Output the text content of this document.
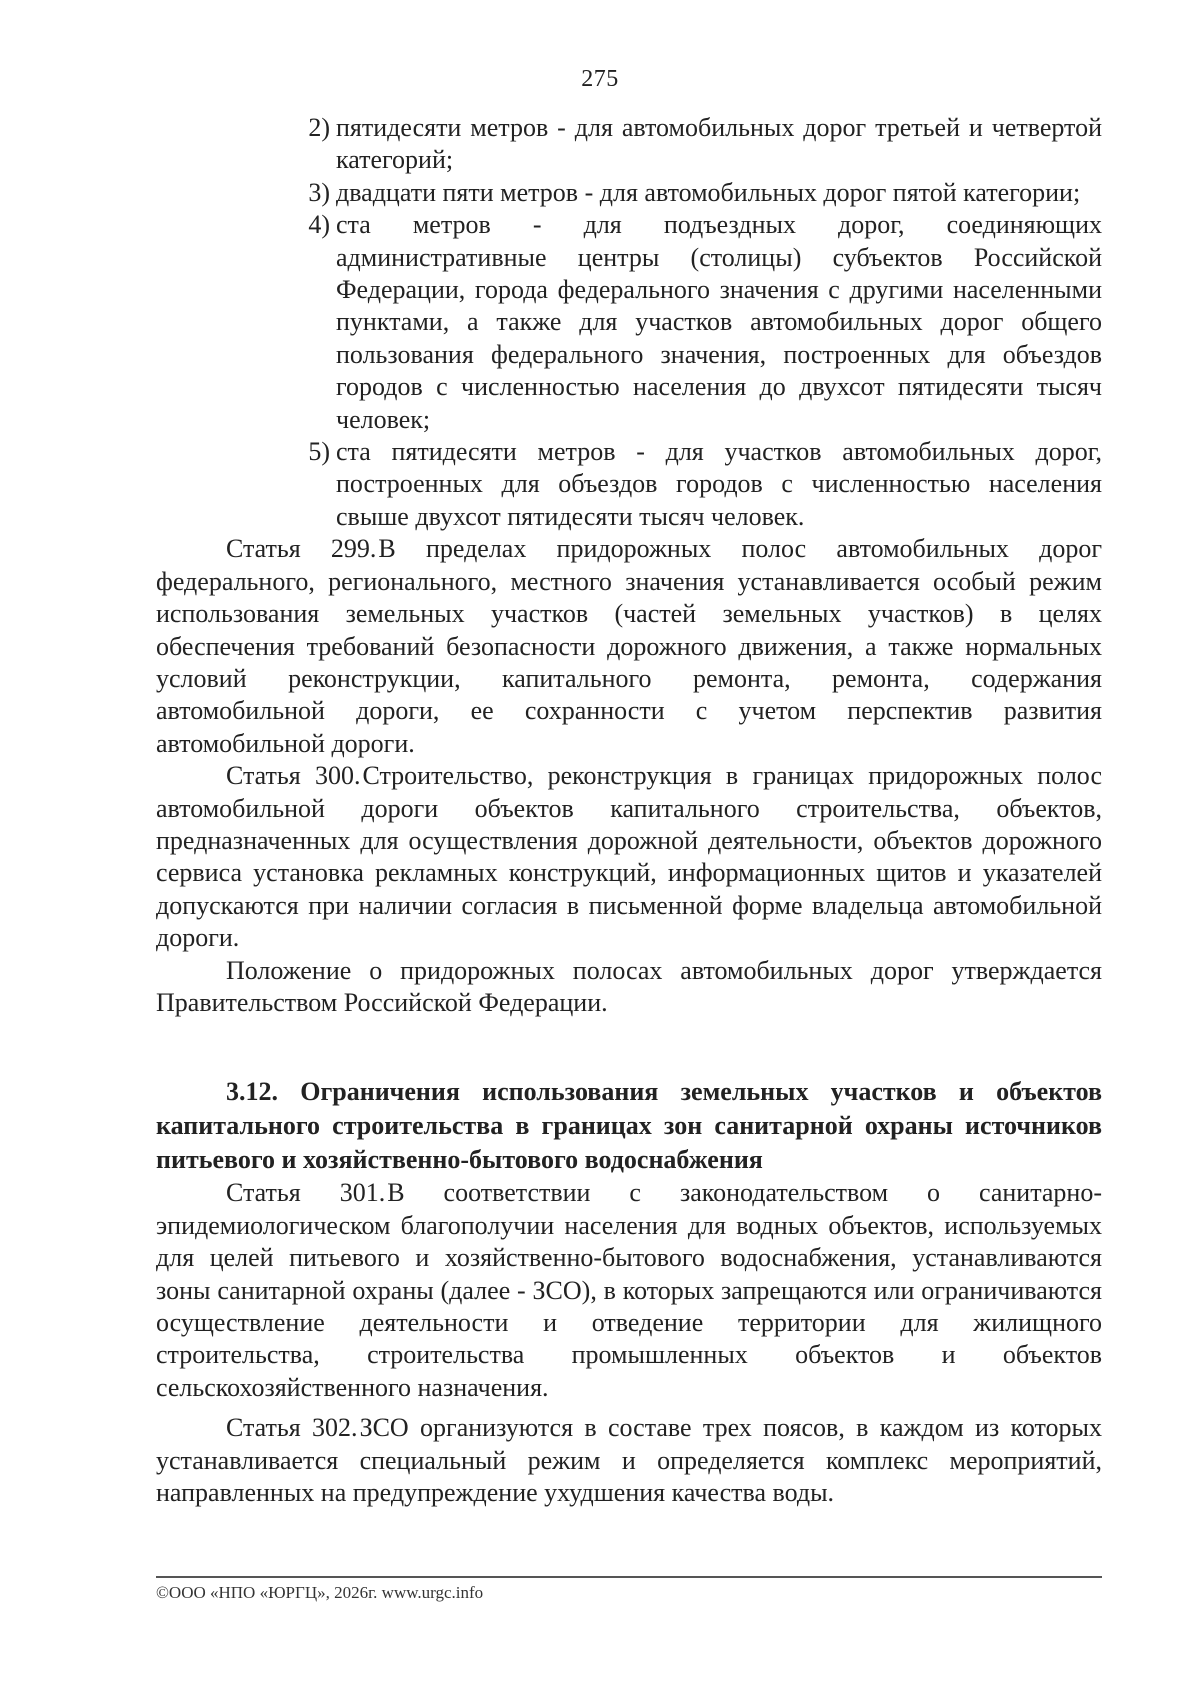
275
2) пятидесяти метров - для автомобильных дорог третьей и четвертой категорий;
3) двадцати пяти метров - для автомобильных дорог пятой категории;
4) ста метров - для подъездных дорог, соединяющих административные центры (столицы) субъектов Российской Федерации, города федерального значения с другими населенными пунктами, а также для участков автомобильных дорог общего пользования федерального значения, построенных для объездов городов с численностью населения до двухсот пятидесяти тысяч человек;
5) ста пятидесяти метров - для участков автомобильных дорог, построенных для объездов городов с численностью населения свыше двухсот пятидесяти тысяч человек.

Статья 299.В пределах придорожных полос автомобильных дорог федерального, регионального, местного значения устанавливается особый режим использования земельных участков (частей земельных участков) в целях обеспечения требований безопасности дорожного движения, а также нормальных условий реконструкции, капитального ремонта, ремонта, содержания автомобильной дороги, ее сохранности с учетом перспектив развития автомобильной дороги.

Статья 300.Строительство, реконструкция в границах придорожных полос автомобильной дороги объектов капитального строительства, объектов, предназначенных для осуществления дорожной деятельности, объектов дорожного сервиса установка рекламных конструкций, информационных щитов и указателей допускаются при наличии согласия в письменной форме владельца автомобильной дороги.

Положение о придорожных полосах автомобильных дорог утверждается Правительством Российской Федерации.

3.12. Ограничения использования земельных участков и объектов капитального строительства в границах зон санитарной охраны источников питьевого и хозяйственно-бытового водоснабжения

Статья 301.В соответствии с законодательством о санитарно-эпидемиологическом благополучии населения для водных объектов, используемых для целей питьевого и хозяйственно-бытового водоснабжения, устанавливаются зоны санитарной охраны (далее - ЗСО), в которых запрещаются или ограничиваются осуществление деятельности и отведение территории для жилищного строительства, строительства промышленных объектов и объектов сельскохозяйственного назначения.

Статья 302.ЗСО организуются в составе трех поясов, в каждом из которых устанавливается специальный режим и определяется комплекс мероприятий, направленных на предупреждение ухудшения качества воды.

©ООО «НПО «ЮРГЦ», 2026г. www.urgc.info
